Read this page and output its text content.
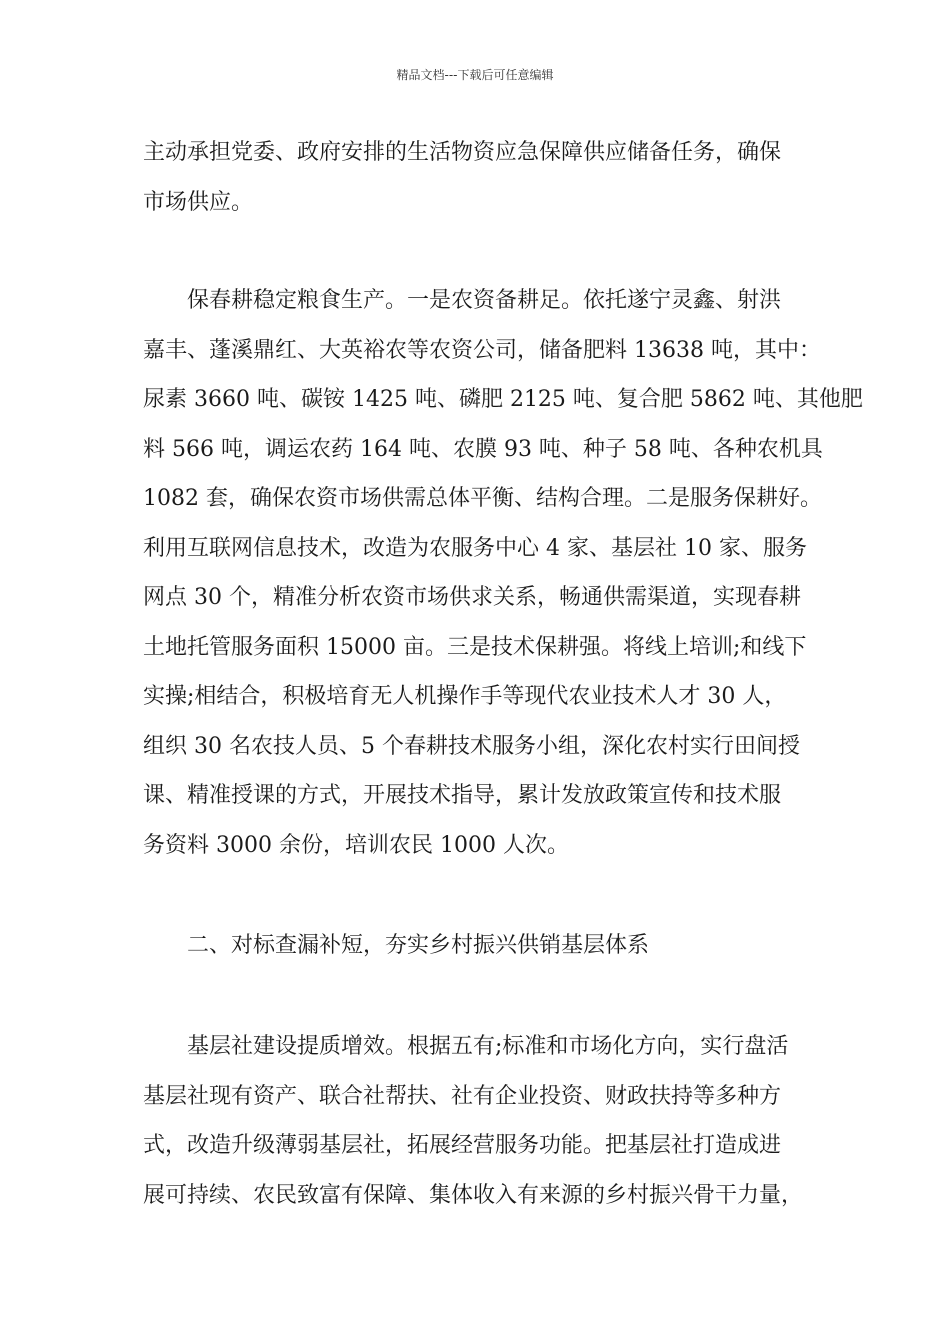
精品文档---下载后可任意编辑
主动承担党委、政府安排的生活物资应急保障供应储备任务，确保
市场供应。
保春耕稳定粮食生产。一是农资备耕足。依托遂宁灵鑫、射洪
嘉丰、蓬溪鼎红、大英裕农等农资公司，储备肥料 13638 吨，其中：
尿素 3660 吨、碳铵 1425 吨、磷肥 2125 吨、复合肥 5862 吨、其他肥
料 566 吨，调运农药 164 吨、农膜 93 吨、种子 58 吨、各种农机具
1082 套，确保农资市场供需总体平衡、结构合理。二是服务保耕好。
利用互联网信息技术，改造为农服务中心 4 家、基层社 10 家、服务
网点 30 个，精准分析农资市场供求关系，畅通供需渠道，实现春耕
土地托管服务面积 15000 亩。三是技术保耕强。将线上培训;和线下
实操;相结合，积极培育无人机操作手等现代农业技术人才 30 人，
组织 30 名农技人员、5 个春耕技术服务小组，深化农村实行田间授
课、精准授课的方式，开展技术指导，累计发放政策宣传和技术服
务资料 3000 余份，培训农民 1000 人次。
二、对标查漏补短，夯实乡村振兴供销基层体系
基层社建设提质增效。根据五有;标准和市场化方向，实行盘活
基层社现有资产、联合社帮扶、社有企业投资、财政扶持等多种方
式，改造升级薄弱基层社，拓展经营服务功能。把基层社打造成进
展可持续、农民致富有保障、集体收入有来源的乡村振兴骨干力量，
